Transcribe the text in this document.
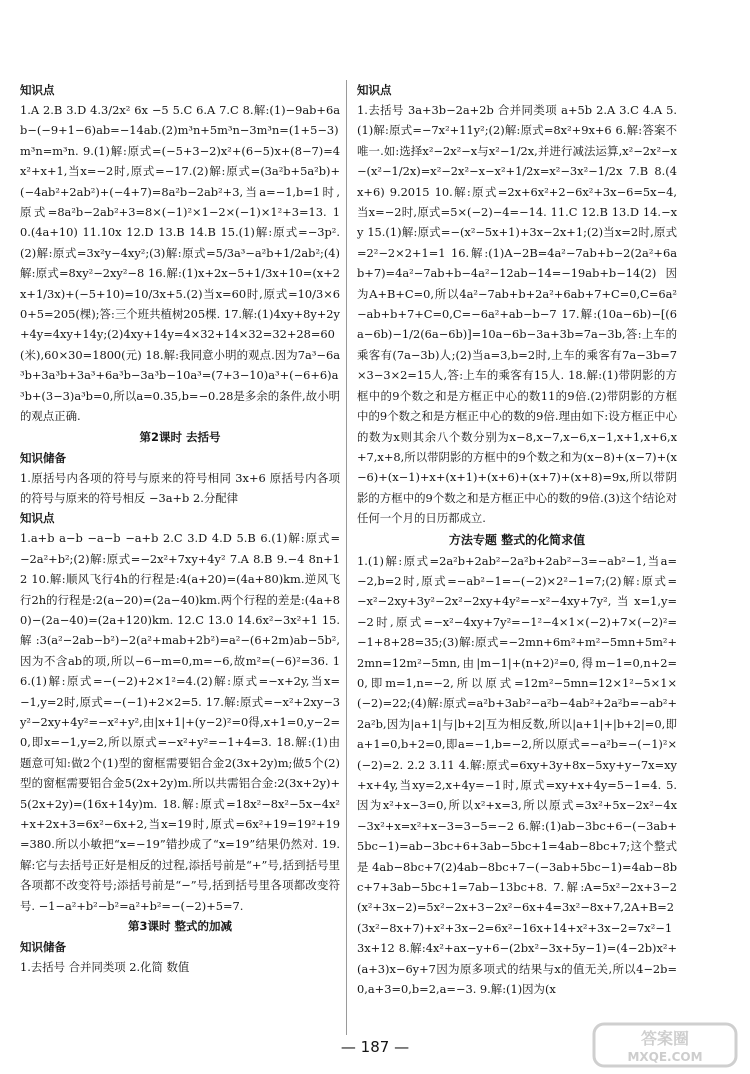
知识点

1.A 2.B 3.D 4.3/2x² 6x −5 5.C 6.A 7.C 8.解:(1)−9ab+6ab−(−9+1−6)ab=−14ab.(2)m³n+5m³n−3m³n=(1+5−3)m³n=m³n. 9.(1)解:原式=(−5+3−2)x²+(6−5)x+(8−7)=4x²+x+1,当x=−2时,原式=−17.(2)解:原式=(3a²b+5a²b)+(−4ab²+2ab²)+(−4+7)=8a²b−2ab²+3,当a=−1,b=1时,原式=8a²b−2ab²+3=8×(−1)²×1−2×(−1)×1²+3=13. 10.(4a+10) 11.10x 12.D 13.B 14.B 15.(1)解:原式=−3p².(2)解:原式=3x²y−4xy²;(3)解:原式=5/3a³−a²b+1/2ab²;(4)解:原式=8xy²−2xy²−8 16.解:(1)x+2x−5+1/3x+10=(x+2x+1/3x)+(−5+10)=10/3x+5.(2)当x=60时,原式=10/3×60+5=205(棵);答:三个班共植树205棵. 17.解:(1)4xy+8y+2y+4y=4xy+14y;(2)4xy+14y=4×32+14×32=32+28=60(米),60×30=1800(元) 18.解:我同意小明的观点.因为7a³−6a³b+3a³b+3a³+6a³b−3a³b−10a³=(7+3−10)a³+(−6+6)a³b+(3−3)a³b=0,所以a=0.35,b=−0.28是多余的条件,故小明的观点正确.

第2课时 去括号
知识储备

1.原括号内各项的符号与原来的符号相同 3x+6 原括号内各项的符号与原来的符号相反 −3a+b 2.分配律

知识点

1.a+b a−b −a−b −a+b 2.C 3.D 4.D 5.B 6.(1)解:原式=−2a²+b²;(2)解:原式=−2x²+7xy+4y² 7.A 8.B 9.−4 8n+12 10.解:顺风飞行4h的行程是:4(a+20)=(4a+80)km.逆风飞行2h的行程是:2(a−20)=(2a−40)km.两个行程的差是:(4a+80)−(2a−40)=(2a+120)km. 12.C 13.0 14.6x²−3x²+1 15.解:3(a²−2ab−b²)−2(a²+mab+2b²)=a²−(6+2m)ab−5b²,因为不含ab的项,所以−6−m=0,m=−6,故m²=(−6)²=36. 16.(1)解:原式=−(−2)+2×1²=4.(2)解:原式=−x+2y,当x=−1,y=2时,原式=−(−1)+2×2=5. 17.解:原式=−x²+2xy−3y²−2xy+4y²=−x²+y²,由|x+1|+(y−2)²=0得,x+1=0,y−2=0,即x=−1,y=2,所以原式=−x²+y²=−1+4=3. 18.解:(1)由题意可知:做2个(1)型的窗框需要铝合金2(3x+2y)m;做5个(2)型的窗框需要铝合金5(2x+2y)m.所以共需铝合金:2(3x+2y)+5(2x+2y)=(16x+14y)m. 18.解:原式=18x²−8x²−5x−4x²+x+2x+3=6x²−6x+2,当x=19时,原式=6x²+19=19²+19=380.所以小敏把“x=−19”错抄成了“x=19”结果仍然对. 19.解:它与去括号正好是相反的过程,添括号前是“+”号,括到括号里各项都不改变符号;添括号前是“−”号,括到括号里各项都改变符号. −1−a²+b²−b²=a²+b²=−(−2)+5=7.

第3课时 整式的加减
知识储备

1.去括号 合并同类项 2.化简 数值

知识点

1.去括号 3a+3b−2a+2b 合并同类项 a+5b 2.A 3.C 4.A 5.(1)解:原式=−7x²+11y²;(2)解:原式=8x²+9x+6 6.解:答案不唯一.如:选择x²−2x²−x与x²−1/2x,并进行减法运算,x²−2x²−x−(x²−1/2x)=x²−2x²−x−x²+1/2x=x²−3x²−1/2x 7.B 8.(4x+6) 9.2015 10.解:原式=2x+6x²+2−6x²+3x−6=5x−4,当x=−2时,原式=5×(−2)−4=−14. 11.C 12.B 13.D 14.−xy 15.(1)解:原式=−(x²−5x+1)+3x−2x+1;(2)当x=2时,原式=2²−2×2+1=1 16.解:(1)A−2B=4a²−7ab+b−2(2a²+6ab+7)=4a²−7ab+b−4a²−12ab−14=−19ab+b−14(2)因为A+B+C=0,所以4a²−7ab+b+2a²+6ab+7+C=0,C=6a²−ab+b+7+C=0,C=−6a²+ab−b−7 17.解:(10a−6b)−[(6a−6b)−1/2(6a−6b)]=10a−6b−3a+3b=7a−3b,答:上车的乘客有(7a−3b)人;(2)当a=3,b=2时,上车的乘客有7a−3b=7×3−3×2=15人,答:上车的乘客有15人. 18.解:(1)带阴影的方框中的9个数之和是方框正中心的数11的9倍.(2)带阴影的方框中的9个数之和是方框正中心的数的9倍.理由如下:设方框正中心的数为x则其余八个数分别为x−8,x−7,x−6,x−1,x+1,x+6,x+7,x+8,所以带阴影的方框中的9个数之和为(x−8)+(x−7)+(x−6)+(x−1)+x+(x+1)+(x+6)+(x+7)+(x+8)=9x,所以带阴影的方框中的9个数之和是方框正中心的数的9倍.(3)这个结论对任何一个月的日历都成立.

方法专题 整式的化简求值

1.(1)解:原式=2a²b+2ab²−2a²b+2ab²−3=−ab²−1,当a=−2,b=2时,原式=−ab²−1=−(−2)×2²−1=7;(2)解:原式=−x²−2xy+3y²−2x²−2xy+4y²=−x²−4xy+7y²,当x=1,y=−2时,原式=−x²−4xy+7y²=−1²−4×1×(−2)+7×(−2)²=−1+8+28=35;(3)解:原式=−2mn+6m²+m²−5mn+5m²+2mn=12m²−5mn,由|m−1|+(n+2)²=0,得m−1=0,n+2=0,即m=1,n=−2,所以原式=12m²−5mn=12×1²−5×1×(−2)=22;(4)解:原式=a²b+3ab²−a²b−4ab²+2a²b=−ab²+2a²b,因为|a+1|与|b+2|互为相反数,所以|a+1|+|b+2|=0,即a+1=0,b+2=0,即a=−1,b=−2,所以原式=−a²b=−(−1)²×(−2)=2. 2.2 3.11 4.解:原式=6xy+3y+8x−5xy+y−7x=xy+x+4y,当xy=2,x+4y=−1时,原式=xy+x+4y=5−1=4. 5.因为x²+x−3=0,所以x²+x=3,所以原式=3x²+5x−2x²−4x−3x²+x=x²+x−3=3−5=−2 6.解:(1)ab−3bc+6−(−3ab+5bc−1)=ab−3bc+6+3ab−5bc+1=4ab−8bc+7;这个整式是4ab−8bc+7(2)4ab−8bc+7−(−3ab+5bc−1)=4ab−8bc+7+3ab−5bc+1=7ab−13bc+8. 7.解:A=5x²−2x+3−2(x²+3x−2)=5x²−2x+3−2x²−6x+4=3x²−8x+7,2A+B=2(3x²−8x+7)+x²+3x−2=6x²−16x+14+x²+3x−2=7x²−13x+12 8.解:4x²+ax−y+6−(2bx²−3x+5y−1)=(4−2b)x²+(a+3)x−6y+7因为原多项式的结果与x的值无关,所以4−2b=0,a+3=0,b=2,a=−3. 9.解:(1)因为(x

— 187 —	答案圈
MXQE.COM
